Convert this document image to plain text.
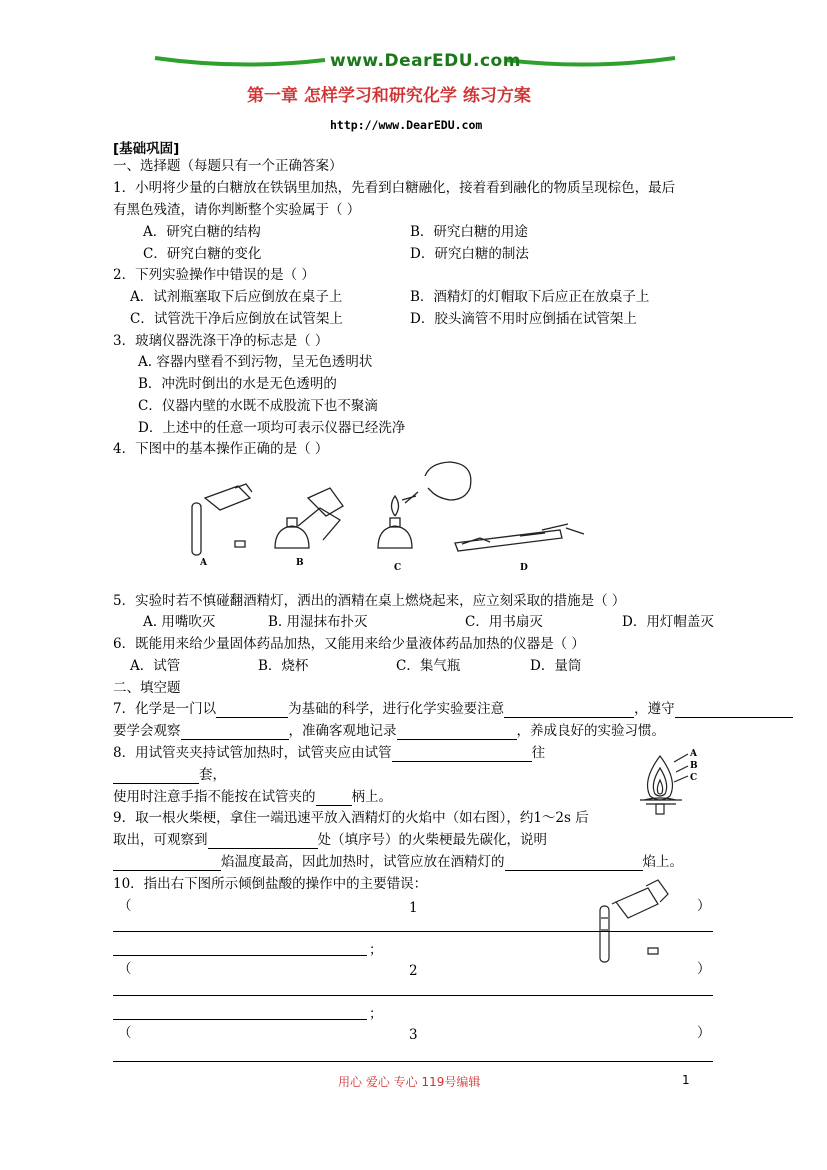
www.DearEDU.com
第一章 怎样学习和研究化学 练习方案
http://www.DearEDU.com
[基础巩固]
一、选择题（每题只有一个正确答案）
1．小明将少量的白糖放在铁锅里加热，先看到白糖融化，接着看到融化的物质呈现棕色，最后
有黑色残渣，请你判断整个实验属于（ ）
A．研究白糖的结构	B．研究白糖的用途
C．研究白糖的变化	D．研究白糖的制法
2．下列实验操作中错误的是（ ）
A．试剂瓶塞取下后应倒放在桌子上	B．酒精灯的灯帽取下后应正在放桌子上
C．试管洗干净后应倒放在试管架上	D．胶头滴管不用时应倒插在试管架上
3．玻璃仪器洗涤干净的标志是（ ）
A. 容器内壁看不到污物，呈无色透明状
B．冲洗时倒出的水是无色透明的
C．仪器内壁的水既不成股流下也不聚滴
D．上述中的任意一项均可表示仪器已经洗净
4．下图中的基本操作正确的是（ ）
A	B	C	D
5．实验时若不慎碰翻酒精灯，洒出的酒精在桌上燃烧起来，应立刻采取的措施是（ ）
A. 用嘴吹灭	B. 用湿抹布扑灭	C．用书扇灭	D．用灯帽盖灭
6．既能用来给少量固体药品加热，又能用来给少量液体药品加热的仪器是（ ）
A．试管	B．烧杯	C．集气瓶	D．量筒
二、填空题
7．化学是一门以	为基础的科学，进行化学实验要注意	，遵守
要学会观察	，准确客观地记录	，养成良好的实验习惯。
8．用试管夹夹持试管加热时，试管夹应由试管	往
套，
使用时注意手指不能按在试管夹的	柄上。
A
B
C
9．取一根火柴梗，拿住一端迅速平放入酒精灯的火焰中（如右图），约1～2s 后
取出，可观察到	处（填序号）的火柴梗最先碳化，说明
焰温度最高，因此加热时，试管应放在酒精灯的	焰上。
10．指出右下图所示倾倒盐酸的操作中的主要错误：
（	1	）
；
（	2	）
；
（	3	）
用心 爱心 专心 119号编辑	1
